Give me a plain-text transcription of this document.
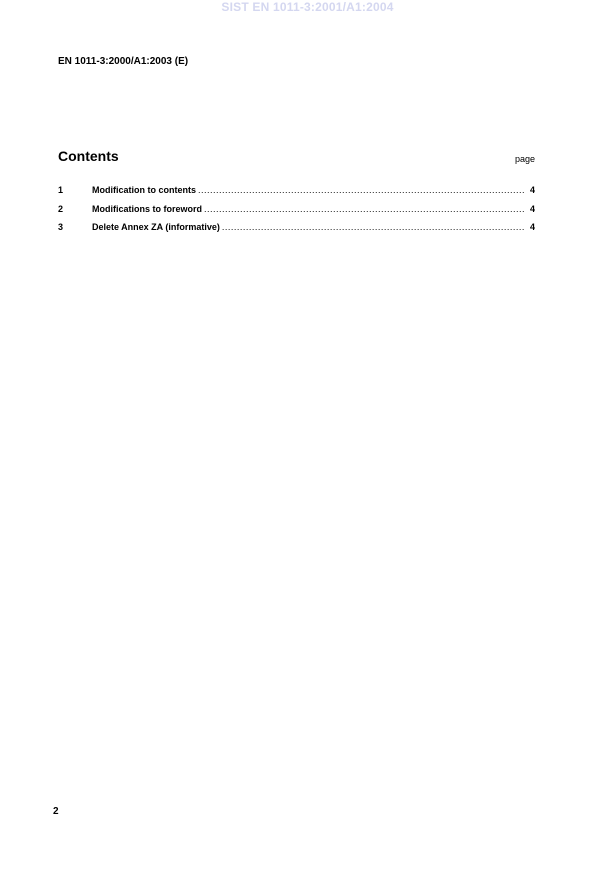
SIST EN 1011-3:2001/A1:2004
EN 1011-3:2000/A1:2003 (E)
Contents	page
1	Modification to contents .....	4
2	Modifications to foreword .....	4
3	Delete Annex ZA (informative) .....	4
2
